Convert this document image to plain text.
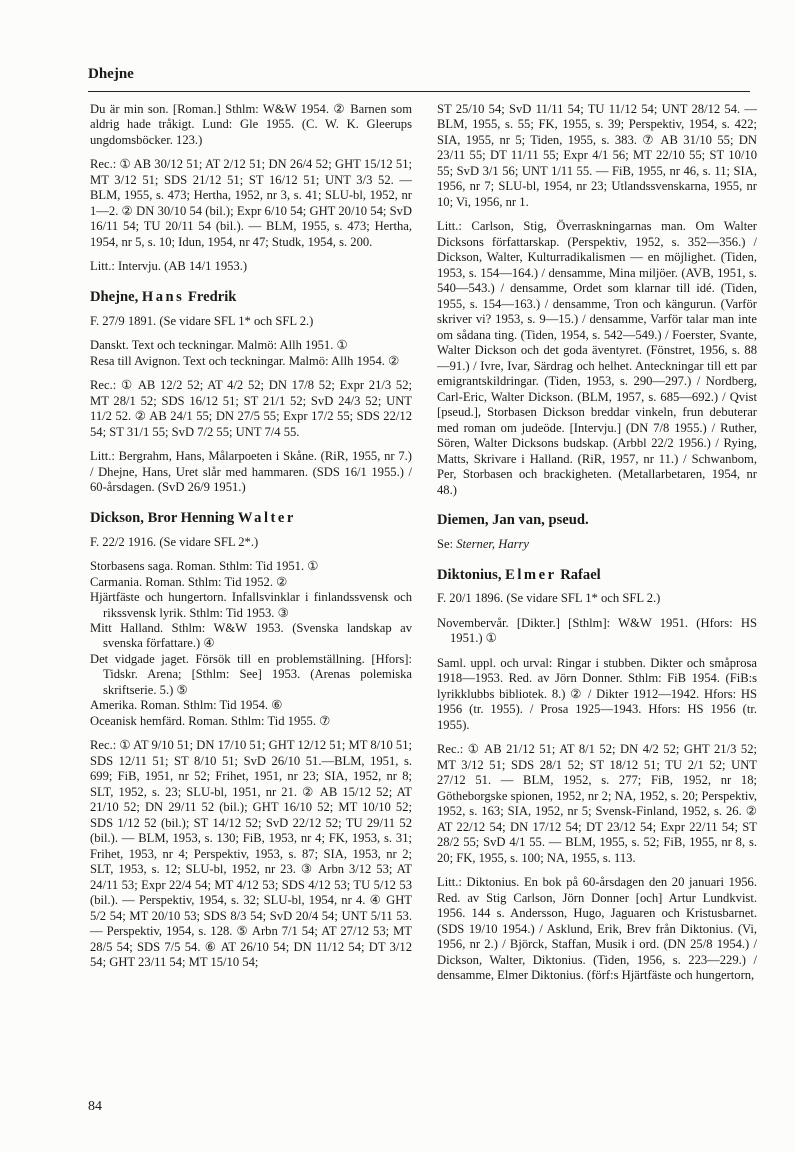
Dhejne

Du är min son. [Roman.] Sthlm: W&W 1954. ② Barnen som aldrig hade tråkigt. Lund: Gle 1955. (C. W. K. Gleerups ungdomsböcker. 123.)

Rec.: ① AB 30/12 51; AT 2/12 51; DN 26/4 52; GHT 15/12 51; MT 3/12 51; SDS 21/12 51; ST 16/12 51; UNT 3/3 52. — BLM, 1955, s. 473; Hertha, 1952, nr 3, s. 41; SLU-bl, 1952, nr 1—2. ② DN 30/10 54 (bil.); Expr 6/10 54; GHT 20/10 54; SvD 16/11 54; TU 20/11 54 (bil.). — BLM, 1955, s. 473; Hertha, 1954, nr 5, s. 10; Idun, 1954, nr 47; Studk, 1954, s. 200.

Litt.: Intervju. (AB 14/1 1953.)

Dhejne, Hans Fredrik

F. 27/9 1891. (Se vidare SFL 1* och SFL 2.)

Danskt. Text och teckningar. Malmö: Allh 1951. ①

Resa till Avignon. Text och teckningar. Malmö: Allh 1954. ②

Rec.: ① AB 12/2 52; AT 4/2 52; DN 17/8 52; Expr 21/3 52; MT 28/1 52; SDS 16/12 51; ST 21/1 52; SvD 24/3 52; UNT 11/2 52. ② AB 24/1 55; DN 27/5 55; Expr 17/2 55; SDS 22/12 54; ST 31/1 55; SvD 7/2 55; UNT 7/4 55.

Litt.: Bergrahm, Hans, Målarpoeten i Skåne. (RiR, 1955, nr 7.) / Dhejne, Hans, Uret slår med hammaren. (SDS 16/1 1955.) / 60-årsdagen. (SvD 26/9 1951.)

Dickson, Bror Henning Walter

F. 22/2 1916. (Se vidare SFL 2*.)

Storbasens saga. Roman. Sthlm: Tid 1951. ①

Carmania. Roman. Sthlm: Tid 1952. ②

Hjärtfäste och hungertorn. Infallsvinklar i finlandssvensk och rikssvensk lyrik. Sthlm: Tid 1953. ③

Mitt Halland. Sthlm: W&W 1953. (Svenska landskap av svenska författare.) ④

Det vidgade jaget. Försök till en problemställning. [Hfors]: Tidskr. Arena; [Sthlm: See] 1953. (Arenas polemiska skriftserie. 5.) ⑤

Amerika. Roman. Sthlm: Tid 1954. ⑥

Oceanisk hemfärd. Roman. Sthlm: Tid 1955. ⑦

Rec.: ① AT 9/10 51; DN 17/10 51; GHT 12/12 51; MT 8/10 51; SDS 12/11 51; ST 8/10 51; SvD 26/10 51.—BLM, 1951, s. 699; FiB, 1951, nr 52; Frihet, 1951, nr 23; SIA, 1952, nr 8; SLT, 1952, s. 23; SLU-bl, 1951, nr 21. ② AB 15/12 52; AT 21/10 52; DN 29/11 52 (bil.); GHT 16/10 52; MT 10/10 52; SDS 1/12 52 (bil.); ST 14/12 52; SvD 22/12 52; TU 29/11 52 (bil.). — BLM, 1953, s. 130; FiB, 1953, nr 4; FK, 1953, s. 31; Frihet, 1953, nr 4; Perspektiv, 1953, s. 87; SIA, 1953, nr 2; SLT, 1953, s. 12; SLU-bl, 1952, nr 23. ③ Arbn 3/12 53; AT 24/11 53; Expr 22/4 54; MT 4/12 53; SDS 4/12 53; TU 5/12 53 (bil.). — Perspektiv, 1954, s. 32; SLU-bl, 1954, nr 4. ④ GHT 5/2 54; MT 20/10 53; SDS 8/3 54; SvD 20/4 54; UNT 5/11 53. — Perspektiv, 1954, s. 128. ⑤ Arbn 7/1 54; AT 27/12 53; MT 28/5 54; SDS 7/5 54. ⑥ AT 26/10 54; DN 11/12 54; DT 3/12 54; GHT 23/11 54; MT 15/10 54;

ST 25/10 54; SvD 11/11 54; TU 11/12 54; UNT 28/12 54. — BLM, 1955, s. 55; FK, 1955, s. 39; Perspektiv, 1954, s. 422; SIA, 1955, nr 5; Tiden, 1955, s. 383. ⑦ AB 31/10 55; DN 23/11 55; DT 11/11 55; Expr 4/1 56; MT 22/10 55; ST 10/10 55; SvD 3/1 56; UNT 1/11 55. — FiB, 1955, nr 46, s. 11; SIA, 1956, nr 7; SLU-bl, 1954, nr 23; Utlandssvenskarna, 1955, nr 10; Vi, 1956, nr 1.

Litt.: Carlson, Stig, Överraskningarnas man. Om Walter Dicksons författarskap. (Perspektiv, 1952, s. 352—356.) / Dickson, Walter, Kulturradikalismen — en möjlighet. (Tiden, 1953, s. 154—164.) / densamme, Mina miljöer. (AVB, 1951, s. 540—543.) / densamme, Ordet som klarnar till idé. (Tiden, 1955, s. 154—163.) / densamme, Tron och kängurun. (Varför skriver vi? 1953, s. 9—15.) / densamme, Varför talar man inte om sådana ting. (Tiden, 1954, s. 542—549.) / Foerster, Svante, Walter Dickson och det goda äventyret. (Fönstret, 1956, s. 88—91.) / Ivre, Ivar, Särdrag och helhet. Anteckningar till ett par emigrantskildringar. (Tiden, 1953, s. 290—297.) / Nordberg, Carl-Eric, Walter Dickson. (BLM, 1957, s. 685—692.) / Qvist [pseud.], Storbasen Dickson breddar vinkeln, frun debuterar med roman om judeöde. [Intervju.] (DN 7/8 1955.) / Ruther, Sören, Walter Dicksons budskap. (Arbbl 22/2 1956.) / Rying, Matts, Skrivare i Halland. (RiR, 1957, nr 11.) / Schwanbom, Per, Storbasen och brackigheten. (Metallarbetaren, 1954, nr 48.)

Diemen, Jan van, pseud.

Se: Sterner, Harry

Diktonius, Elmer Rafael

F. 20/1 1896. (Se vidare SFL 1* och SFL 2.)

Novembervår. [Dikter.] [Sthlm]: W&W 1951. (Hfors: HS 1951.) ①

Saml. uppl. och urval: Ringar i stubben. Dikter och småprosa 1918—1953. Red. av Jörn Donner. Sthlm: FiB 1954. (FiB:s lyrikklubbs bibliotek. 8.) ② / Dikter 1912—1942. Hfors: HS 1956 (tr. 1955). / Prosa 1925—1943. Hfors: HS 1956 (tr. 1955).

Rec.: ① AB 21/12 51; AT 8/1 52; DN 4/2 52; GHT 21/3 52; MT 3/12 51; SDS 28/1 52; ST 18/12 51; TU 2/1 52; UNT 27/12 51. — BLM, 1952, s. 277; FiB, 1952, nr 18; Götheborgske spionen, 1952, nr 2; NA, 1952, s. 20; Perspektiv, 1952, s. 163; SIA, 1952, nr 5; Svensk-Finland, 1952, s. 26. ② AT 22/12 54; DN 17/12 54; DT 23/12 54; Expr 22/11 54; ST 28/2 55; SvD 4/1 55. — BLM, 1955, s. 52; FiB, 1955, nr 8, s. 20; FK, 1955, s. 100; NA, 1955, s. 113.

Litt.: Diktonius. En bok på 60-årsdagen den 20 januari 1956. Red. av Stig Carlson, Jörn Donner [och] Artur Lundkvist. 1956. 144 s. Andersson, Hugo, Jaguaren och Kristusbarnet. (SDS 19/10 1954.) / Asklund, Erik, Brev från Diktonius. (Vi, 1956, nr 2.) / Björck, Staffan, Musik i ord. (DN 25/8 1954.) / Dickson, Walter, Diktonius. (Tiden, 1956, s. 223—229.) / densamme, Elmer Diktonius. (förf:s Hjärtfäste och hungertorn,

84
